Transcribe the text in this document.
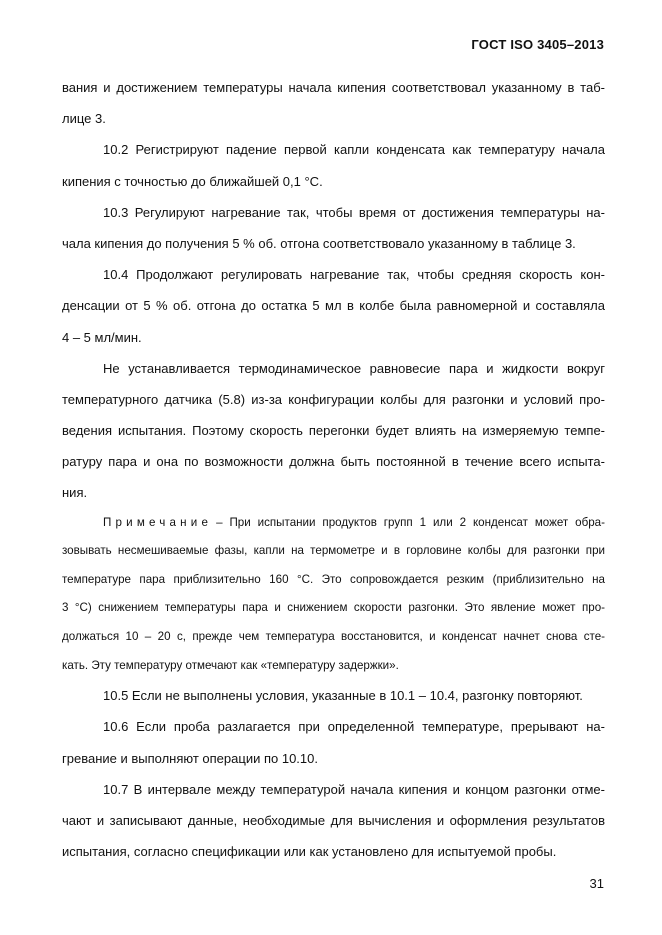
ГОСТ ISO 3405–2013
вания и достижением температуры начала кипения соответствовал указанному в таб-
лице 3.
10.2 Регистрируют падение первой капли конденсата как температуру начала
кипения с точностью до ближайшей 0,1 °С.
10.3 Регулируют нагревание так, чтобы время от достижения температуры на-
чала кипения до получения 5 % об. отгона соответствовало указанному в таблице 3.
10.4 Продолжают регулировать нагревание так, чтобы средняя скорость кон-
денсации от 5 % об. отгона до остатка 5 мл в колбе была равномерной и составляла
4 – 5 мл/мин.
Не устанавливается термодинамическое равновесие пара и жидкости вокруг
температурного датчика (5.8) из-за конфигурации колбы для разгонки и условий про-
ведения испытания. Поэтому скорость перегонки будет влиять на измеряемую темпе-
ратуру пара и она по возможности должна быть постоянной в течение всего испыта-
ния.
Примечание – При испытании продуктов групп 1 или 2 конденсат может обра-
зовывать несмешиваемые фазы, капли на термометре и в горловине колбы для разгонки при
температуре пара приблизительно 160 °С. Это сопровождается резким (приблизительно на
3 °С) снижением температуры пара и снижением скорости разгонки. Это явление может про-
должаться 10 – 20 с, прежде чем температура восстановится, и конденсат начнет снова сте-
кать. Эту температуру отмечают как «температуру задержки».
10.5 Если не выполнены условия, указанные в 10.1 – 10.4, разгонку повторяют.
10.6 Если проба разлагается при определенной температуре, прерывают на-
гревание и выполняют операции по 10.10.
10.7 В интервале между температурой начала кипения и концом разгонки отме-
чают и записывают данные, необходимые для вычисления и оформления результатов
испытания, согласно спецификации или как установлено для испытуемой пробы.
31
